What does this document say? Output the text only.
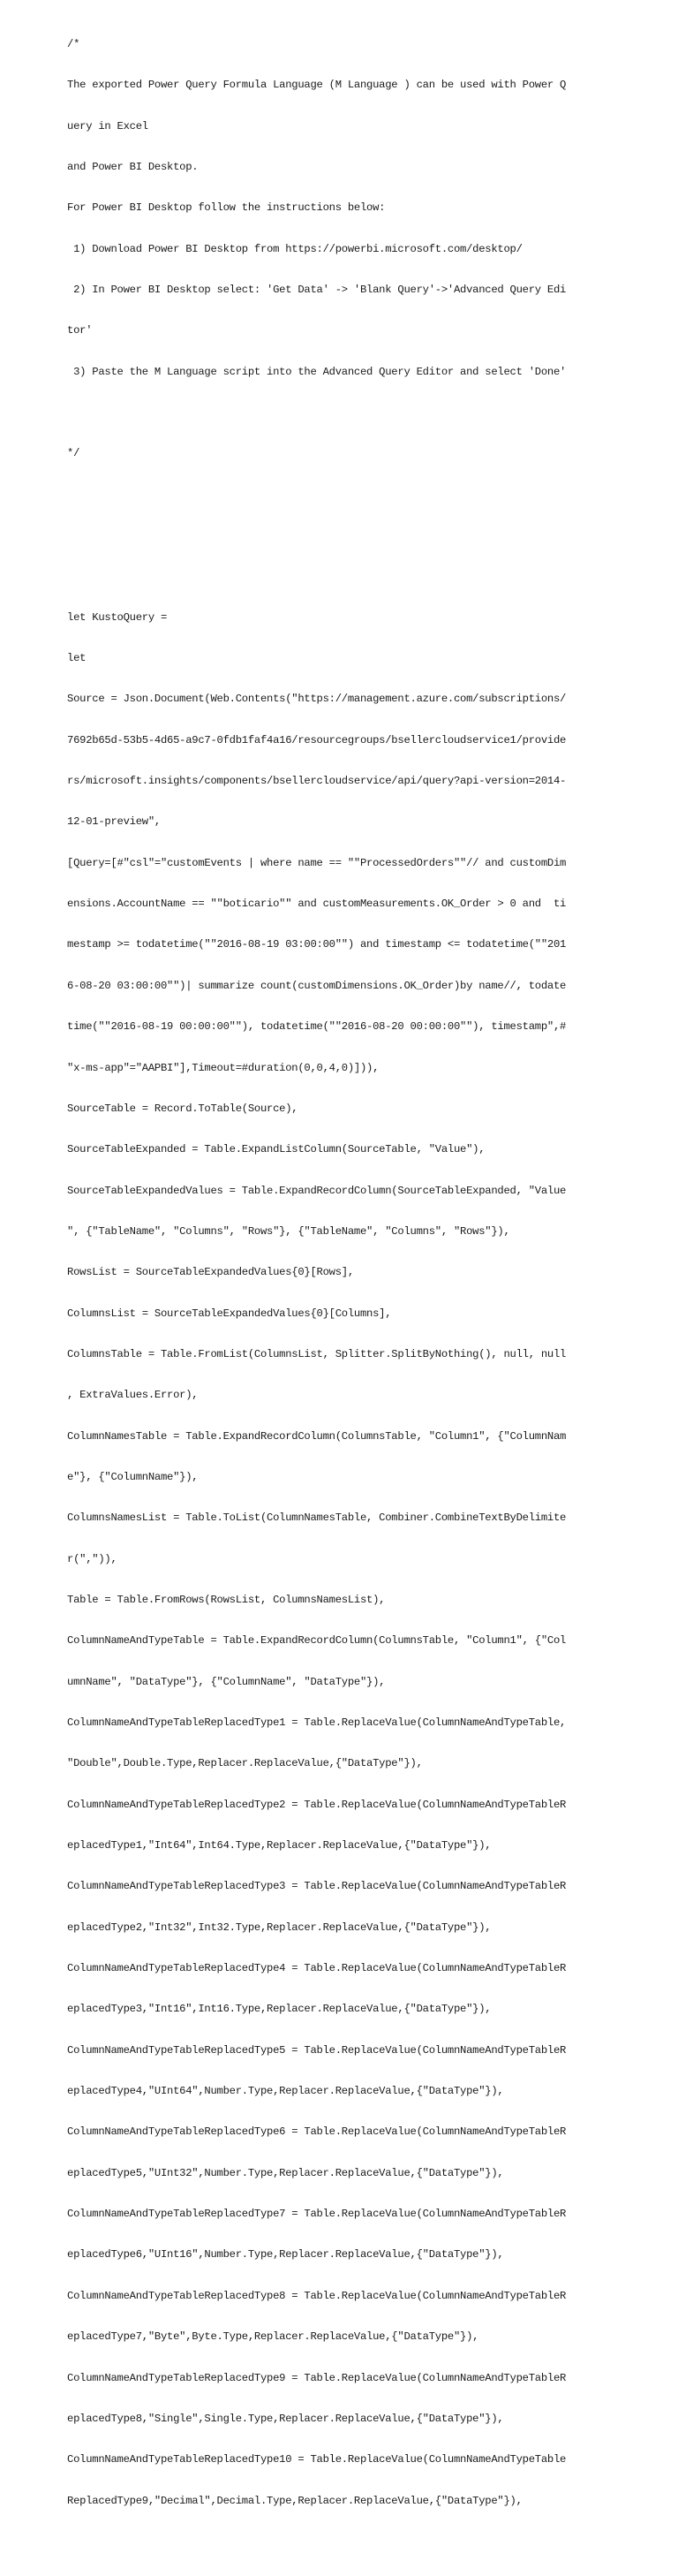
/*

The exported Power Query Formula Language (M Language ) can be used with Power Q

uery in Excel

and Power BI Desktop.

For Power BI Desktop follow the instructions below:

1) Download Power BI Desktop from https://powerbi.microsoft.com/desktop/

2) In Power BI Desktop select: 'Get Data' -> 'Blank Query'->'Advanced Query Edi

tor'

3) Paste the M Language script into the Advanced Query Editor and select 'Done'

*/

let KustoQuery =

let

Source = Json.Document(Web.Contents("https://management.azure.com/subscriptions/

7692b65d-53b5-4d65-a9c7-0fdb1faf4a16/resourcegroups/bsellercloudservice1/provide

rs/microsoft.insights/components/bsellercloudservice/api/query?api-version=2014-

12-01-preview",

[Query=[#"csl"="customEvents | where name == ""ProcessedOrders""// and customDim

ensions.AccountName == ""boticario"" and customMeasurements.OK_Order > 0 and  ti

mestamp >= todatetime(""2016-08-19 03:00:00"") and timestamp <= todatetime(""201

6-08-20 03:00:00"")| summarize count(customDimensions.OK_Order)by name//, todate

time(""2016-08-19 00:00:00""), todatetime(""2016-08-20 00:00:00""), timestamp",#

"x-ms-app"="AAPBI"],Timeout=#duration(0,0,4,0)])),

SourceTable = Record.ToTable(Source),

SourceTableExpanded = Table.ExpandListColumn(SourceTable, "Value"),

SourceTableExpandedValues = Table.ExpandRecordColumn(SourceTableExpanded, "Value

", {"TableName", "Columns", "Rows"}, {"TableName", "Columns", "Rows"}),

RowsList = SourceTableExpandedValues{0}[Rows],

ColumnsList = SourceTableExpandedValues{0}[Columns],

ColumnsTable = Table.FromList(ColumnsList, Splitter.SplitByNothing(), null, null

, ExtraValues.Error),

ColumnNamesTable = Table.ExpandRecordColumn(ColumnsTable, "Column1", {"ColumnNam

e"}, {"ColumnName"}),

ColumnsNamesList = Table.ToList(ColumnNamesTable, Combiner.CombineTextByDelimite

r(",")),

Table = Table.FromRows(RowsList, ColumnsNamesList),

ColumnNameAndTypeTable = Table.ExpandRecordColumn(ColumnsTable, "Column1", {"Col

umnName", "DataType"}, {"ColumnName", "DataType"}),

ColumnNameAndTypeTableReplacedType1 = Table.ReplaceValue(ColumnNameAndTypeTable,

"Double",Double.Type,Replacer.ReplaceValue,{"DataType"}),

ColumnNameAndTypeTableReplacedType2 = Table.ReplaceValue(ColumnNameAndTypeTableR

eplacedType1,"Int64",Int64.Type,Replacer.ReplaceValue,{"DataType"}),

ColumnNameAndTypeTableReplacedType3 = Table.ReplaceValue(ColumnNameAndTypeTableR

eplacedType2,"Int32",Int32.Type,Replacer.ReplaceValue,{"DataType"}),

ColumnNameAndTypeTableReplacedType4 = Table.ReplaceValue(ColumnNameAndTypeTableR

eplacedType3,"Int16",Int16.Type,Replacer.ReplaceValue,{"DataType"}),

ColumnNameAndTypeTableReplacedType5 = Table.ReplaceValue(ColumnNameAndTypeTableR

eplacedType4,"UInt64",Number.Type,Replacer.ReplaceValue,{"DataType"}),

ColumnNameAndTypeTableReplacedType6 = Table.ReplaceValue(ColumnNameAndTypeTableR

eplacedType5,"UInt32",Number.Type,Replacer.ReplaceValue,{"DataType"}),

ColumnNameAndTypeTableReplacedType7 = Table.ReplaceValue(ColumnNameAndTypeTableR

eplacedType6,"UInt16",Number.Type,Replacer.ReplaceValue,{"DataType"}),

ColumnNameAndTypeTableReplacedType8 = Table.ReplaceValue(ColumnNameAndTypeTableR

eplacedType7,"Byte",Byte.Type,Replacer.ReplaceValue,{"DataType"}),

ColumnNameAndTypeTableReplacedType9 = Table.ReplaceValue(ColumnNameAndTypeTableR

eplacedType8,"Single",Single.Type,Replacer.ReplaceValue,{"DataType"}),

ColumnNameAndTypeTableReplacedType10 = Table.ReplaceValue(ColumnNameAndTypeTable

ReplacedType9,"Decimal",Decimal.Type,Replacer.ReplaceValue,{"DataType"}),
